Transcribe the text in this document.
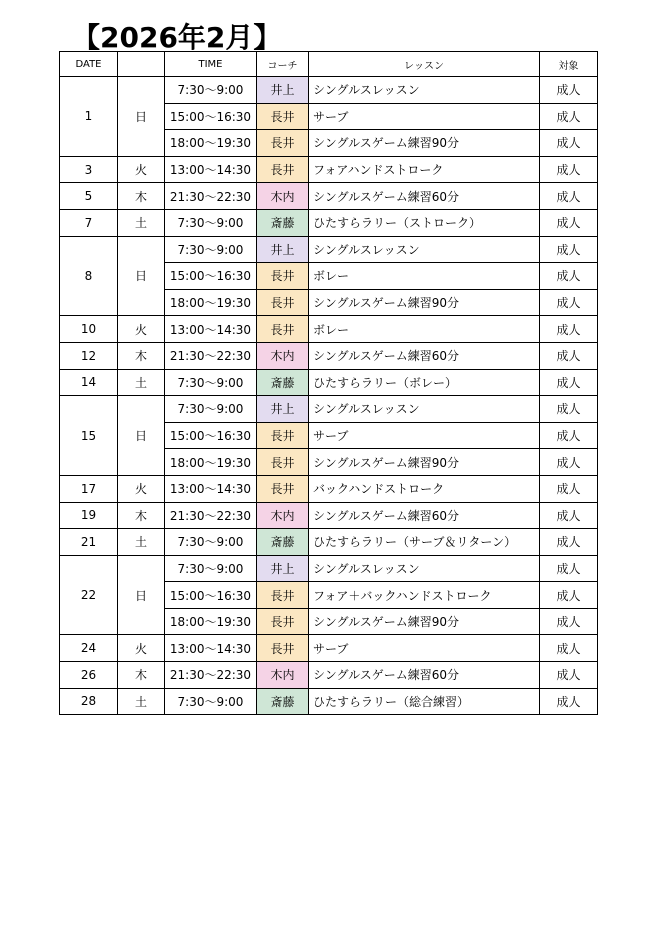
【2026年2月】
DATE		TIME	コーチ	レッスン	対象
1	日	7:30〜9:00	井上	シングルスレッスン	成人
		15:00〜16:30	長井	サーブ	成人
		18:00〜19:30	長井	シングルスゲーム練習90分	成人
3	火	13:00〜14:30	長井	フォアハンドストローク	成人
5	木	21:30〜22:30	木内	シングルスゲーム練習60分	成人
7	土	7:30〜9:00	斎藤	ひたすらラリー（ストローク）	成人
8	日	7:30〜9:00	井上	シングルスレッスン	成人
		15:00〜16:30	長井	ボレー	成人
		18:00〜19:30	長井	シングルスゲーム練習90分	成人
10	火	13:00〜14:30	長井	ボレー	成人
12	木	21:30〜22:30	木内	シングルスゲーム練習60分	成人
14	土	7:30〜9:00	斎藤	ひたすらラリー（ボレー）	成人
15	日	7:30〜9:00	井上	シングルスレッスン	成人
		15:00〜16:30	長井	サーブ	成人
		18:00〜19:30	長井	シングルスゲーム練習90分	成人
17	火	13:00〜14:30	長井	バックハンドストローク	成人
19	木	21:30〜22:30	木内	シングルスゲーム練習60分	成人
21	土	7:30〜9:00	斎藤	ひたすらラリー（サーブ＆リターン）	成人
22	日	7:30〜9:00	井上	シングルスレッスン	成人
		15:00〜16:30	長井	フォア＋バックハンドストローク	成人
		18:00〜19:30	長井	シングルスゲーム練習90分	成人
24	火	13:00〜14:30	長井	サーブ	成人
26	木	21:30〜22:30	木内	シングルスゲーム練習60分	成人
28	土	7:30〜9:00	斎藤	ひたすらラリー（総合練習）	成人
